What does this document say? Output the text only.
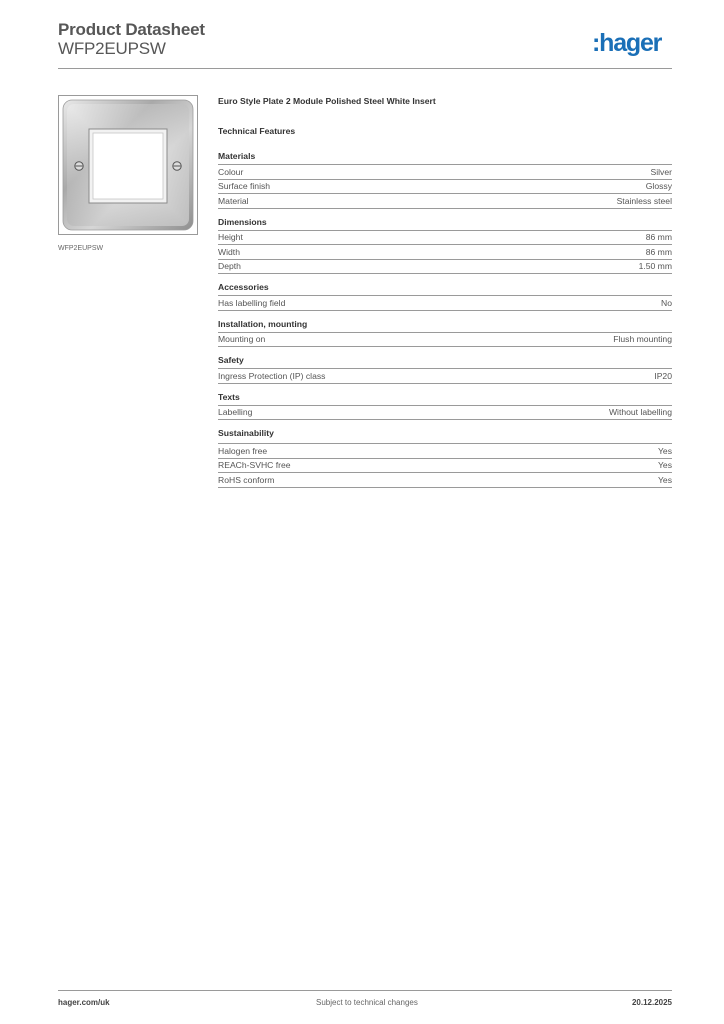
Product Datasheet
WFP2EUPSW	:hager
WFP2EUPSW
Euro Style Plate 2 Module Polished Steel White Insert
Technical Features
Materials
Colour	Silver
Surface finish	Glossy
Material	Stainless steel
Dimensions
Height	86 mm
Width	86 mm
Depth	1.50 mm
Accessories
Has labelling field	No
Installation, mounting
Mounting on	Flush mounting
Safety
Ingress Protection (IP) class	IP20
Texts
Labelling	Without labelling
Sustainability
Halogen free	Yes
REACh-SVHC free	Yes
RoHS conform	Yes
hager.com/uk	Subject to technical changes	20.12.2025
